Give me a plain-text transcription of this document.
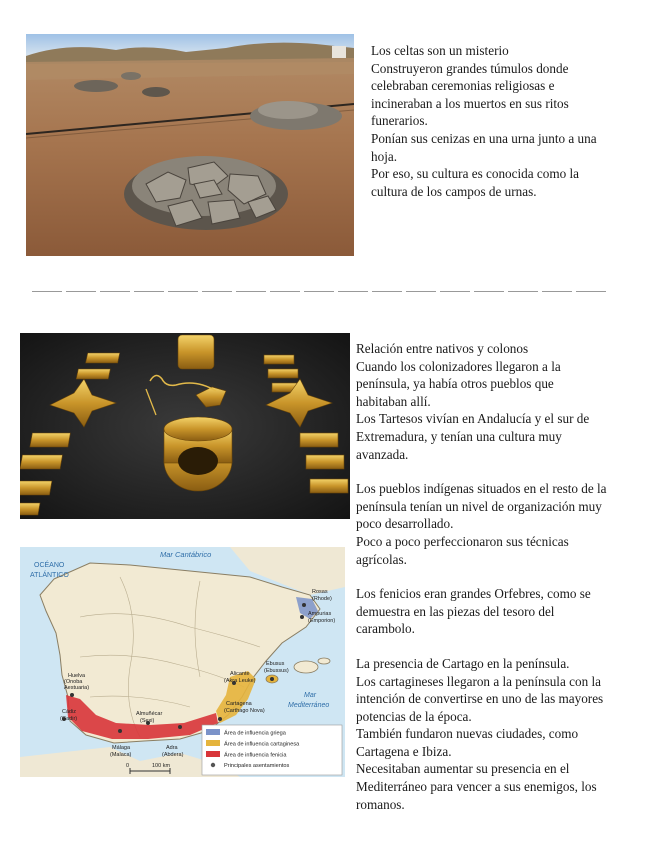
Los celtas son un misterio

Construyeron grandes túmulos donde

celebraban ceremonias religiosas e

incineraban a los muertos en sus ritos

funerarios.

Ponían sus cenizas en una urna junto a una

hoja.

Por eso, su cultura es conocida como la

cultura de los campos de urnas.

OCÉANO
ATLÁNTICO
Mar Cantábrico
Mar
Mediterráneo
Rosas
(Rhode)
Ampurias
(Emporion)
Ebusus
(Ebussus)
Huelva
(Onoba
Aestuaria)
Cádiz
(Gadir)
Alicante
(Akra Leuke)
Cartagena
(Carthago Nova)
Almuñécar
(Sexi)
Málaga
(Malaca)
Adra
(Abdera)
Área de influencia griega
Área de influencia cartaginesa
Área de influencia fenicia
Principales asentamientos
0	100 km

Relación entre nativos y colonos

Cuando los colonizadores llegaron a la

península, ya había otros pueblos que

habitaban allí.

Los Tartesos vivían en Andalucía y el sur de

Extremadura, y tenían una cultura muy

avanzada.

Los pueblos indígenas situados en el resto de la

península tenían un nivel de organización muy

poco desarrollado.

Poco a poco perfeccionaron sus técnicas

agrícolas.

Los fenicios eran grandes Orfebres, como se

demuestra en las piezas del tesoro del

carambolo.

La presencia de Cartago en la península.

Los cartagineses llegaron a la península con la

intención de convertirse en uno de las mayores

potencias de la época.

También fundaron nuevas ciudades, como

Cartagena e Ibiza.

Necesitaban aumentar su presencia en el

Mediterráneo para vencer a sus enemigos, los

romanos.
